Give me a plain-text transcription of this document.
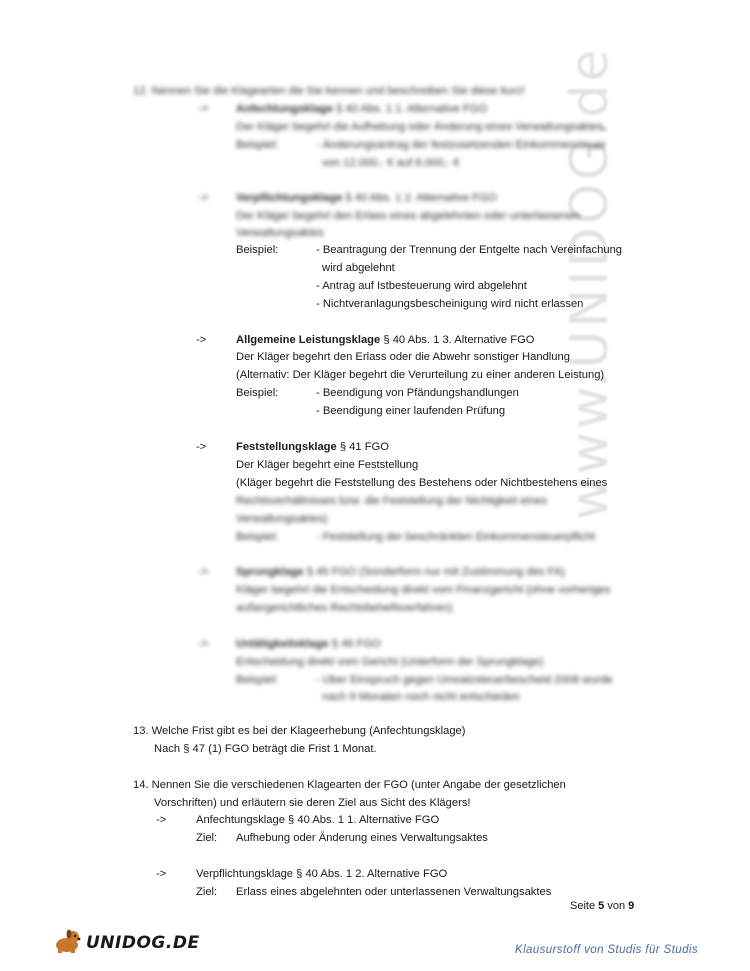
www.UNIDOG.de
12. Nennen Sie die Klagearten die Sie kennen und beschreiben Sie diese kurz!
-> Anfechtungsklage § 40 Abs. 1 1. Alternative FGO
Der Kläger begehrt die Aufhebung oder Änderung eines Verwaltungsaktes
Beispiel:	- Änderungsantrag der festzusetzenden Einkommensteuer
von 12.000,- € auf 8.000,- €
-> Verpflichtungsklage § 40 Abs. 1 2. Alternative FGO
Der Kläger begehrt den Erlass eines abgelehnten oder unterlassenen
Verwaltungsaktes
Beispiel:	- Beantragung der Trennung der Entgelte nach Vereinfachung
wird abgelehnt
- Antrag auf Istbesteuerung wird abgelehnt
- Nichtveranlagungsbescheinigung wird nicht erlassen
->	Allgemeine Leistungsklage § 40 Abs. 1 3. Alternative FGO
Der Kläger begehrt den Erlass oder die Abwehr sonstiger Handlung
(Alternativ: Der Kläger begehrt die Verurteilung zu einer anderen Leistung)
Beispiel:	- Beendigung von Pfändungshandlungen
- Beendigung einer laufenden Prüfung
->	Feststellungsklage § 41 FGO
Der Kläger begehrt eine Feststellung
(Kläger begehrt die Feststellung des Bestehens oder Nichtbestehens eines
Rechtsverhältnisses bzw. die Feststellung der Nichtigkeit eines
Verwaltungsaktes)
Beispiel:	- Feststellung der beschränkten Einkommensteuerpflicht
-> Sprungklage § 45 FGO (Sonderform nur mit Zustimmung des FA)
Kläger begehrt die Entscheidung direkt vom Finanzgericht (ohne vorheriges
außergerichtliches Rechtsbehelfsverfahren)
-> Untätigkeitsklage § 46 FGO
Entscheidung direkt vom Gericht (Unterform der Sprungklage)
Beispiel:	- Über Einspruch gegen Umsatzsteuerbescheid 2008 wurde
nach 9 Monaten noch nicht entschieden
13. Welche Frist gibt es bei der Klageerhebung (Anfechtungsklage)
Nach § 47 (1) FGO beträgt die Frist 1 Monat.
14. Nennen Sie die verschiedenen Klagearten der FGO (unter Angabe der gesetzlichen
Vorschriften) und erläutern sie deren Ziel aus Sicht des Klägers!
->	Anfechtungsklage § 40 Abs. 1 1. Alternative FGO
Ziel: Aufhebung oder Änderung eines Verwaltungsaktes
->	Verpflichtungsklage § 40 Abs. 1 2. Alternative FGO
Ziel: Erlass eines abgelehnten oder unterlassenen Verwaltungsaktes
Seite 5 von 9
UNIDOG.DE	Klausurstoff von Studis für Studis
